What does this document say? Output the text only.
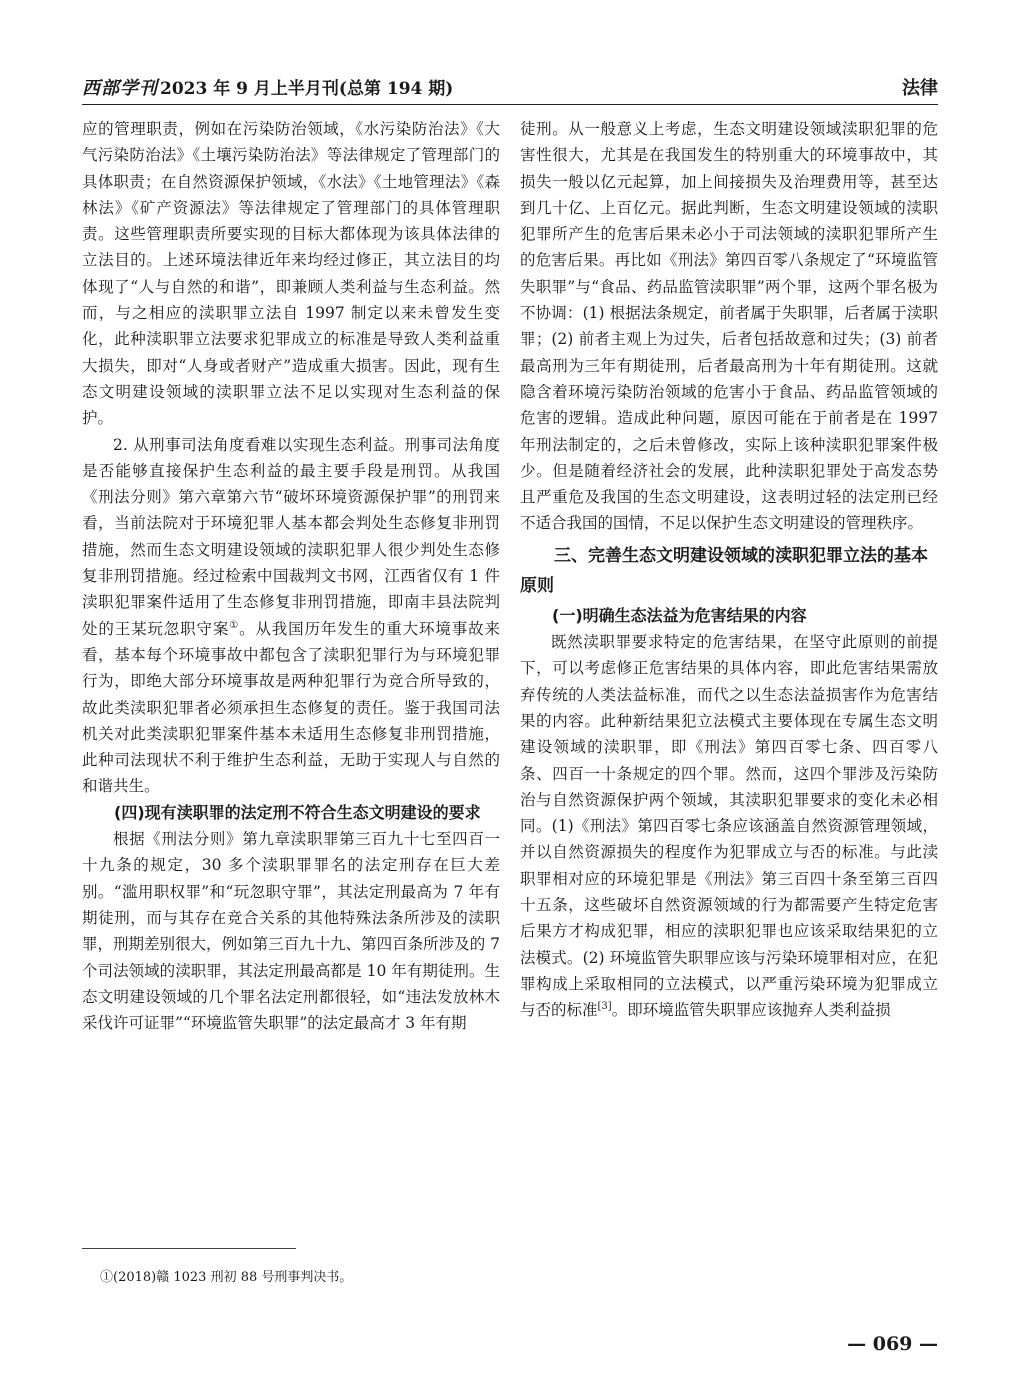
西部学刊 2023 年 9 月上半月刊(总第 194 期)	法律

应的管理职责，例如在污染防治领域，《水污染防治法》《大气污染防治法》《土壤污染防治法》等法律规定了管理部门的具体职责；在自然资源保护领域，《水法》《土地管理法》《森林法》《矿产资源法》等法律规定了管理部门的具体管理职责。这些管理职责所要实现的目标大都体现为该具体法律的立法目的。上述环境法律近年来均经过修正，其立法目的均体现了“人与自然的和谐”，即兼顾人类利益与生态利益。然而，与之相应的渎职罪立法自 1997 制定以来未曾发生变化，此种渎职罪立法要求犯罪成立的标准是导致人类利益重大损失，即对“人身或者财产”造成重大损害。因此，现有生态文明建设领域的渎职罪立法不足以实现对生态利益的保护。

2. 从刑事司法角度看难以实现生态利益。刑事司法角度是否能够直接保护生态利益的最主要手段是刑罚。从我国《刑法分则》第六章第六节“破坏环境资源保护罪”的刑罚来看，当前法院对于环境犯罪人基本都会判处生态修复非刑罚措施，然而生态文明建设领域的渎职犯罪人很少判处生态修复非刑罚措施。经过检索中国裁判文书网，江西省仅有 1 件渎职犯罪案件适用了生态修复非刑罚措施，即南丰县法院判处的王某玩忽职守案①。从我国历年发生的重大环境事故来看，基本每个环境事故中都包含了渎职犯罪行为与环境犯罪行为，即绝大部分环境事故是两种犯罪行为竞合所导致的，故此类渎职犯罪者必须承担生态修复的责任。鉴于我国司法机关对此类渎职犯罪案件基本未适用生态修复非刑罚措施，此种司法现状不利于维护生态利益，无助于实现人与自然的和谐共生。

(四)现有渎职罪的法定刑不符合生态文明建设的要求

根据《刑法分则》第九章渎职罪第三百九十七至四百一十九条的规定，30 多个渎职罪罪名的法定刑存在巨大差别。“滥用职权罪”和“玩忽职守罪”，其法定刑最高为 7 年有期徒刑，而与其存在竞合关系的其他特殊法条所涉及的渎职罪，刑期差别很大，例如第三百九十九、第四百条所涉及的 7 个司法领域的渎职罪，其法定刑最高都是 10 年有期徒刑。生态文明建设领域的几个罪名法定刑都很轻，如“违法发放林木采伐许可证罪”“环境监管失职罪”的法定最高才 3 年有期

徒刑。从一般意义上考虑，生态文明建设领域渎职犯罪的危害性很大，尤其是在我国发生的特别重大的环境事故中，其损失一般以亿元起算，加上间接损失及治理费用等，甚至达到几十亿、上百亿元。据此判断，生态文明建设领域的渎职犯罪所产生的危害后果未必小于司法领域的渎职犯罪所产生的危害后果。再比如《刑法》第四百零八条规定了“环境监管失职罪”与“食品、药品监管渎职罪”两个罪，这两个罪名极为不协调：(1) 根据法条规定，前者属于失职罪，后者属于渎职罪；(2) 前者主观上为过失，后者包括故意和过失；(3) 前者最高刑为三年有期徒刑，后者最高刑为十年有期徒刑。这就隐含着环境污染防治领域的危害小于食品、药品监管领域的危害的逻辑。造成此种问题，原因可能在于前者是在 1997 年刑法制定的，之后未曾修改，实际上该种渎职犯罪案件极少。但是随着经济社会的发展，此种渎职犯罪处于高发态势且严重危及我国的生态文明建设，这表明过轻的法定刑已经不适合我国的国情，不足以保护生态文明建设的管理秩序。

三、完善生态文明建设领域的渎职犯罪立法的基本原则
(一)明确生态法益为危害结果的内容

既然渎职罪要求特定的危害结果，在坚守此原则的前提下，可以考虑修正危害结果的具体内容，即此危害结果需放弃传统的人类法益标准，而代之以生态法益损害作为危害结果的内容。此种新结果犯立法模式主要体现在专属生态文明建设领域的渎职罪，即《刑法》第四百零七条、四百零八条、四百一十条规定的四个罪。然而，这四个罪涉及污染防治与自然资源保护两个领域，其渎职犯罪要求的变化未必相同。(1)《刑法》第四百零七条应该涵盖自然资源管理领域，并以自然资源损失的程度作为犯罪成立与否的标准。与此渎职罪相对应的环境犯罪是《刑法》第三百四十条至第三百四十五条，这些破坏自然资源领域的行为都需要产生特定危害后果方才构成犯罪，相应的渎职犯罪也应该采取结果犯的立法模式。(2) 环境监管失职罪应该与污染环境罪相对应，在犯罪构成上采取相同的立法模式，以严重污染环境为犯罪成立与否的标准[3]。即环境监管失职罪应该抛弃人类利益损

①(2018)赣 1023 刑初 88 号刑事判决书。
— 069 —
